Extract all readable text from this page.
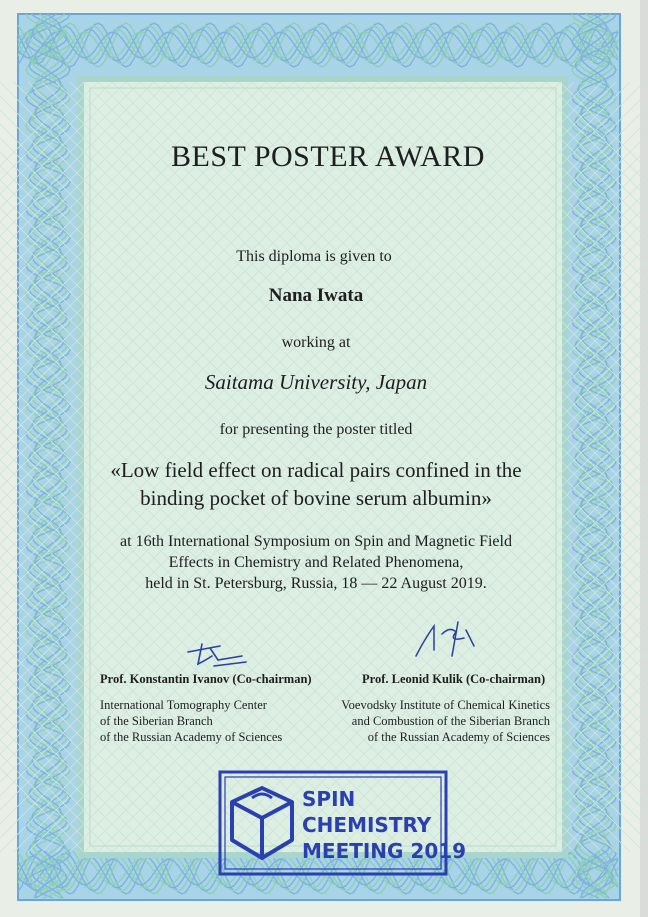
BEST POSTER AWARD
This diploma is given to
Nana Iwata
working at
Saitama University, Japan
for presenting the poster titled
«Low field effect on radical pairs confined in the
binding pocket of bovine serum albumin»
at 16th International Symposium on Spin and Magnetic Field
Effects in Chemistry and Related Phenomena,
held in St. Petersburg, Russia, 18 — 22 August 2019.
Prof. Konstantin Ivanov (Co-chairman)
International Tomography Center
of the Siberian Branch
of the Russian Academy of Sciences
Prof. Leonid Kulik (Co-chairman)
Voevodsky Institute of Chemical Kinetics
and Combustion of the Siberian Branch
of the Russian Academy of Sciences
SPIN
CHEMISTRY
MEETING 2019
